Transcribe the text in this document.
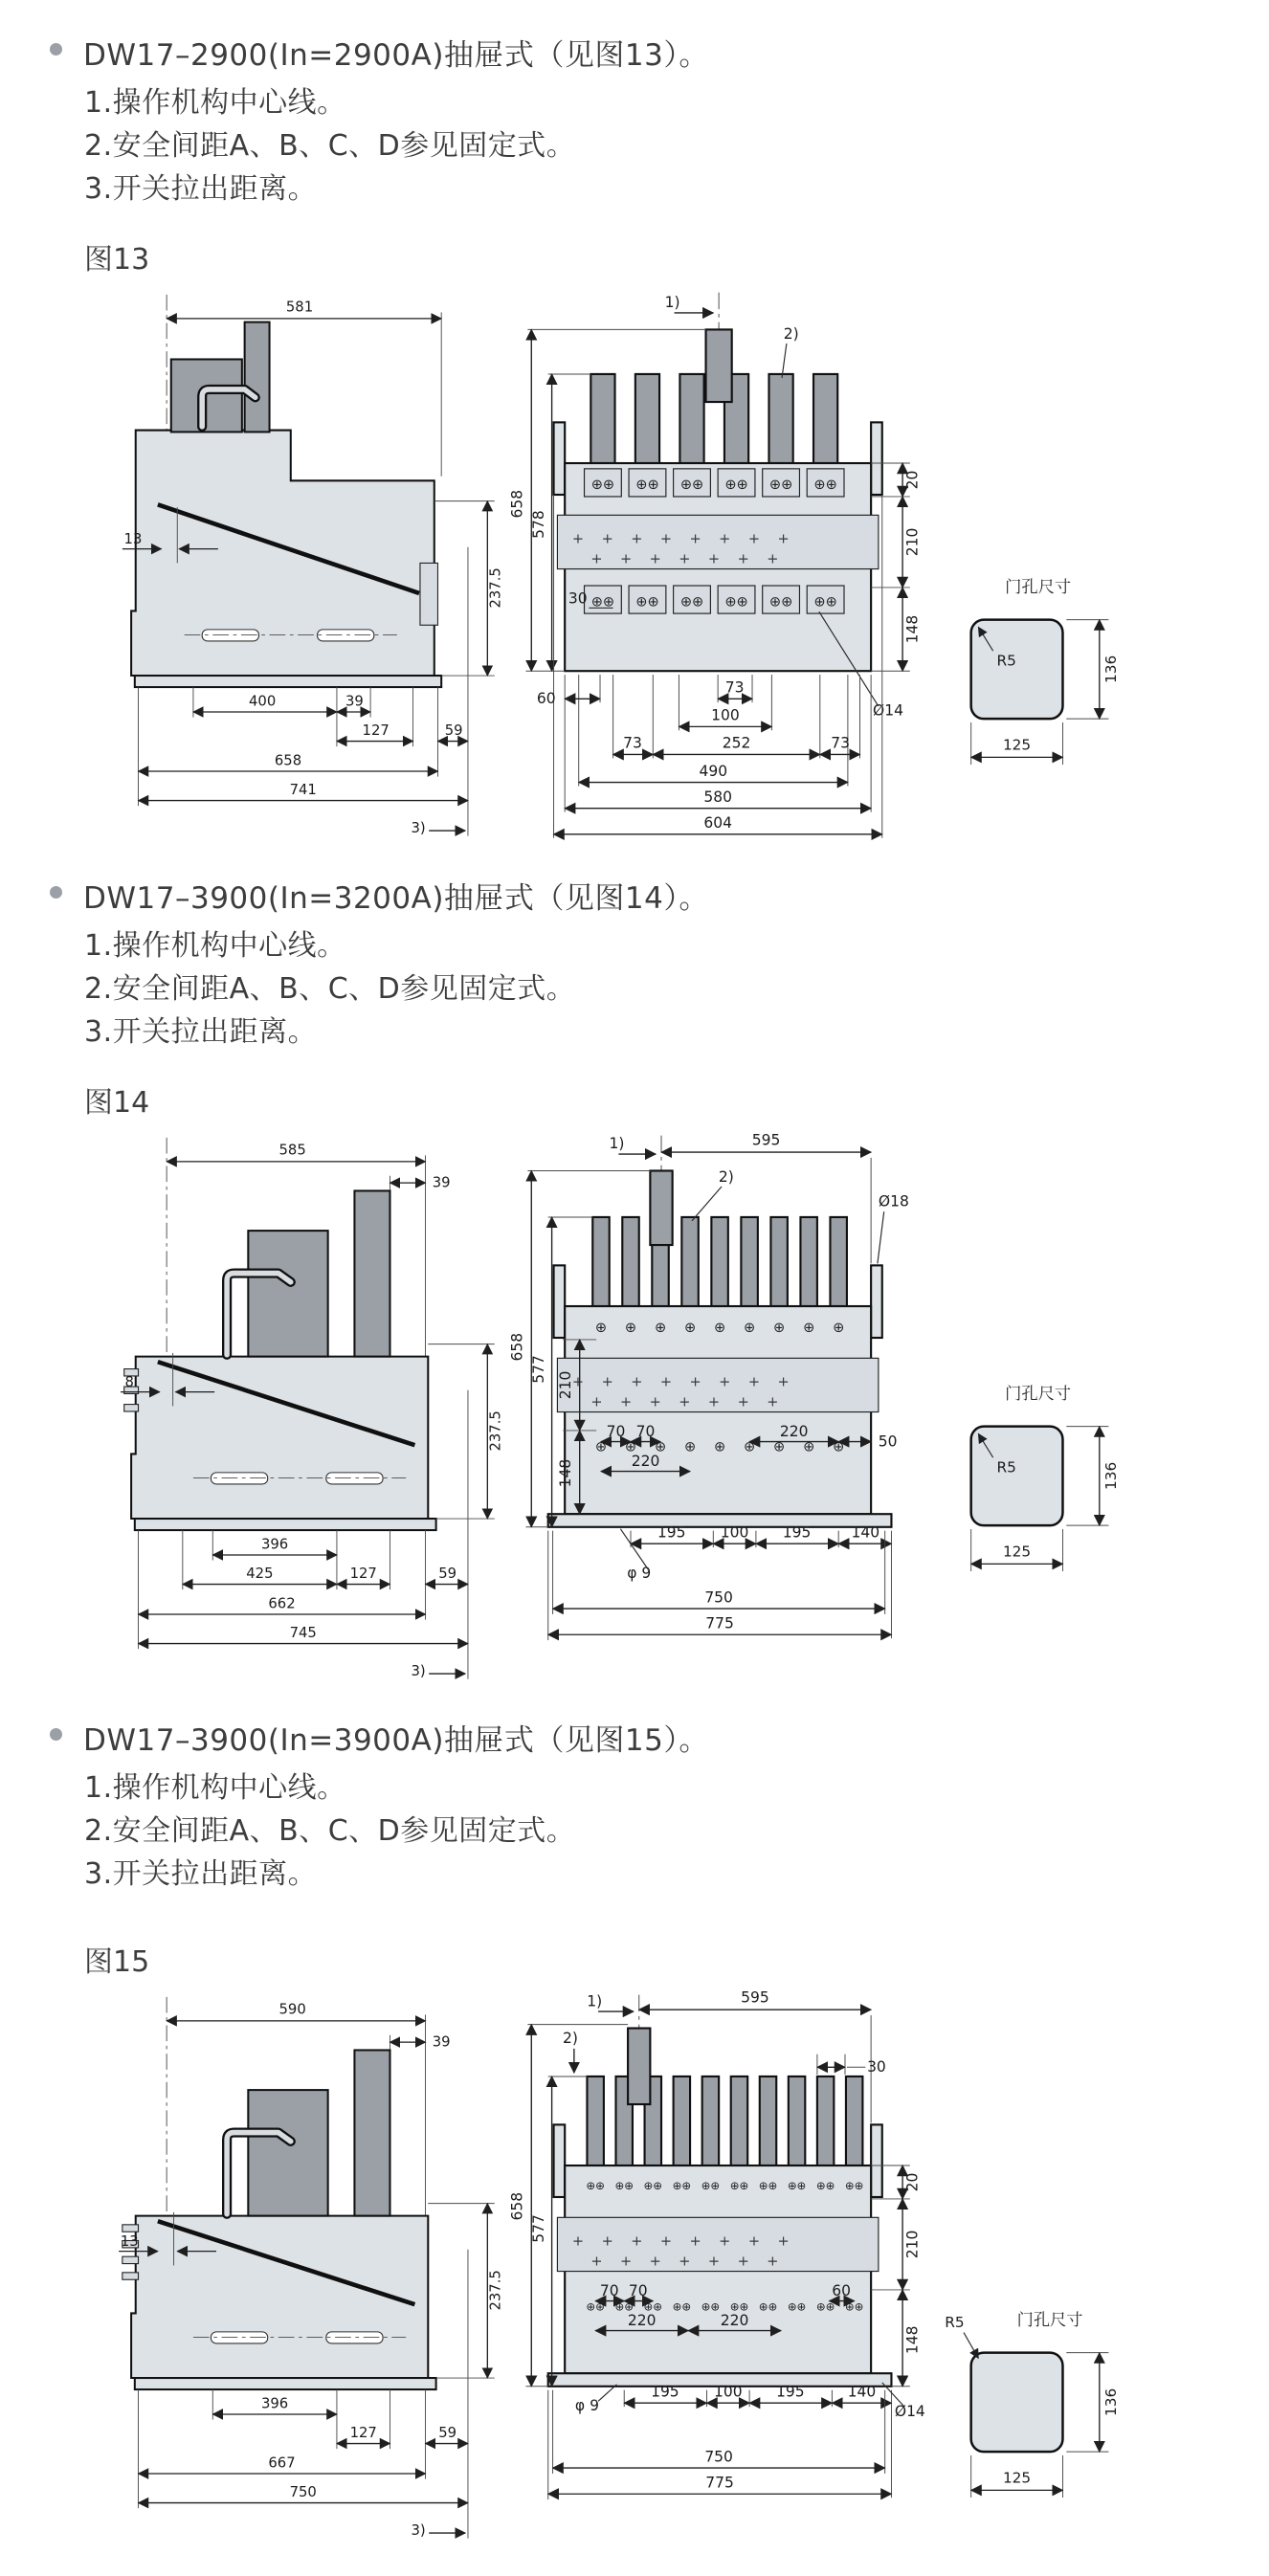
DW17–2900(In=2900A)抽屉式（见图13）。
1.操作机构中心线。
2.安全间距A、B、C、D参见固定式。
3.开关拉出距离。
图13
581
13
237.5
400	39
127	59
658
741
3)
⊕⊕ ⊕⊕ ⊕⊕ ⊕⊕ ⊕⊕ ⊕⊕
⊕⊕ ⊕⊕ ⊕⊕ ⊕⊕ ⊕⊕ ⊕⊕
+    +    +    +    +    +    +    +
+    +    +    +    +    +    +
1)
2)
658
578
20
210
148
30
Ø14
60
73
100
73	252	73
490
580
604
门孔尺寸
R5	136
125
DW17–3900(In=3200A)抽屉式（见图14）。
1.操作机构中心线。
2.安全间距A、B、C、D参见固定式。
3.开关拉出距离。
图14
585
39
8
237.5
396
425	127	59
662
745
3)
⊕ ⊕ ⊕ ⊕ ⊕ ⊕ ⊕ ⊕ ⊕
⊕ ⊕ ⊕ ⊕ ⊕ ⊕ ⊕ ⊕ ⊕
+    +    +    +    +    +    +    +
+    +    +    +    +    +    +
1)	595
2)
Ø18
658
577
210
148
50
70 70	220
220
195 100 195	140
φ 9
750
775
门孔尺寸
R5	136
125
DW17–3900(In=3900A)抽屉式（见图15）。
1.操作机构中心线。
2.安全间距A、B、C、D参见固定式。
3.开关拉出距离。
图15
590
39
13
237.5
396
127	59
667
750
3)
⊕⊕ ⊕⊕ ⊕⊕ ⊕⊕ ⊕⊕ ⊕⊕ ⊕⊕ ⊕⊕ ⊕⊕ ⊕⊕
⊕⊕ ⊕⊕ ⊕⊕ ⊕⊕ ⊕⊕ ⊕⊕ ⊕⊕ ⊕⊕ ⊕⊕ ⊕⊕
+    +    +    +    +    +    +    +
+    +    +    +    +    +    +
1)
2)
595
30
20
210
148
658
577
70 70	60
220	220
φ 9
195 100 195	140
Ø14
750
775
门孔尺寸
R5
136
125
